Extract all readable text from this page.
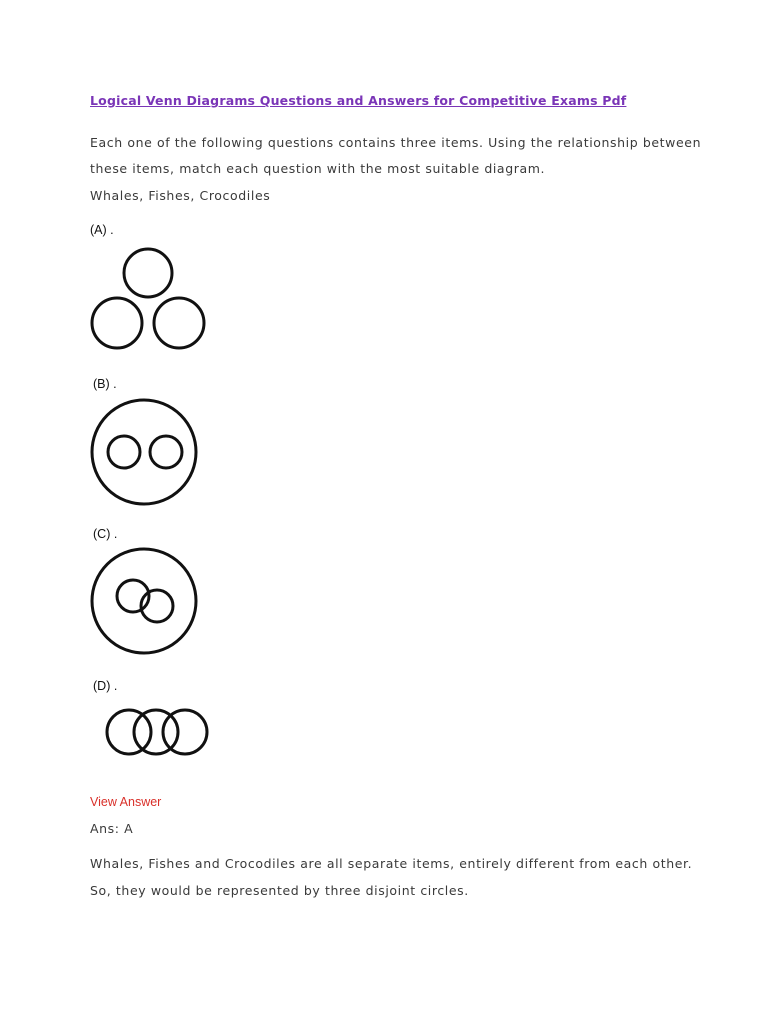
Logical Venn Diagrams Questions and Answers for Competitive Exams Pdf
Each one of the following questions contains three items. Using the relationship between
these items, match each question with the most suitable diagram.
Whales, Fishes, Crocodiles
(A) .
(B) .
(C) .
(D) .
View Answer
Ans: A
Whales, Fishes and Crocodiles are all separate items, entirely different from each other.
So, they would be represented by three disjoint circles.
